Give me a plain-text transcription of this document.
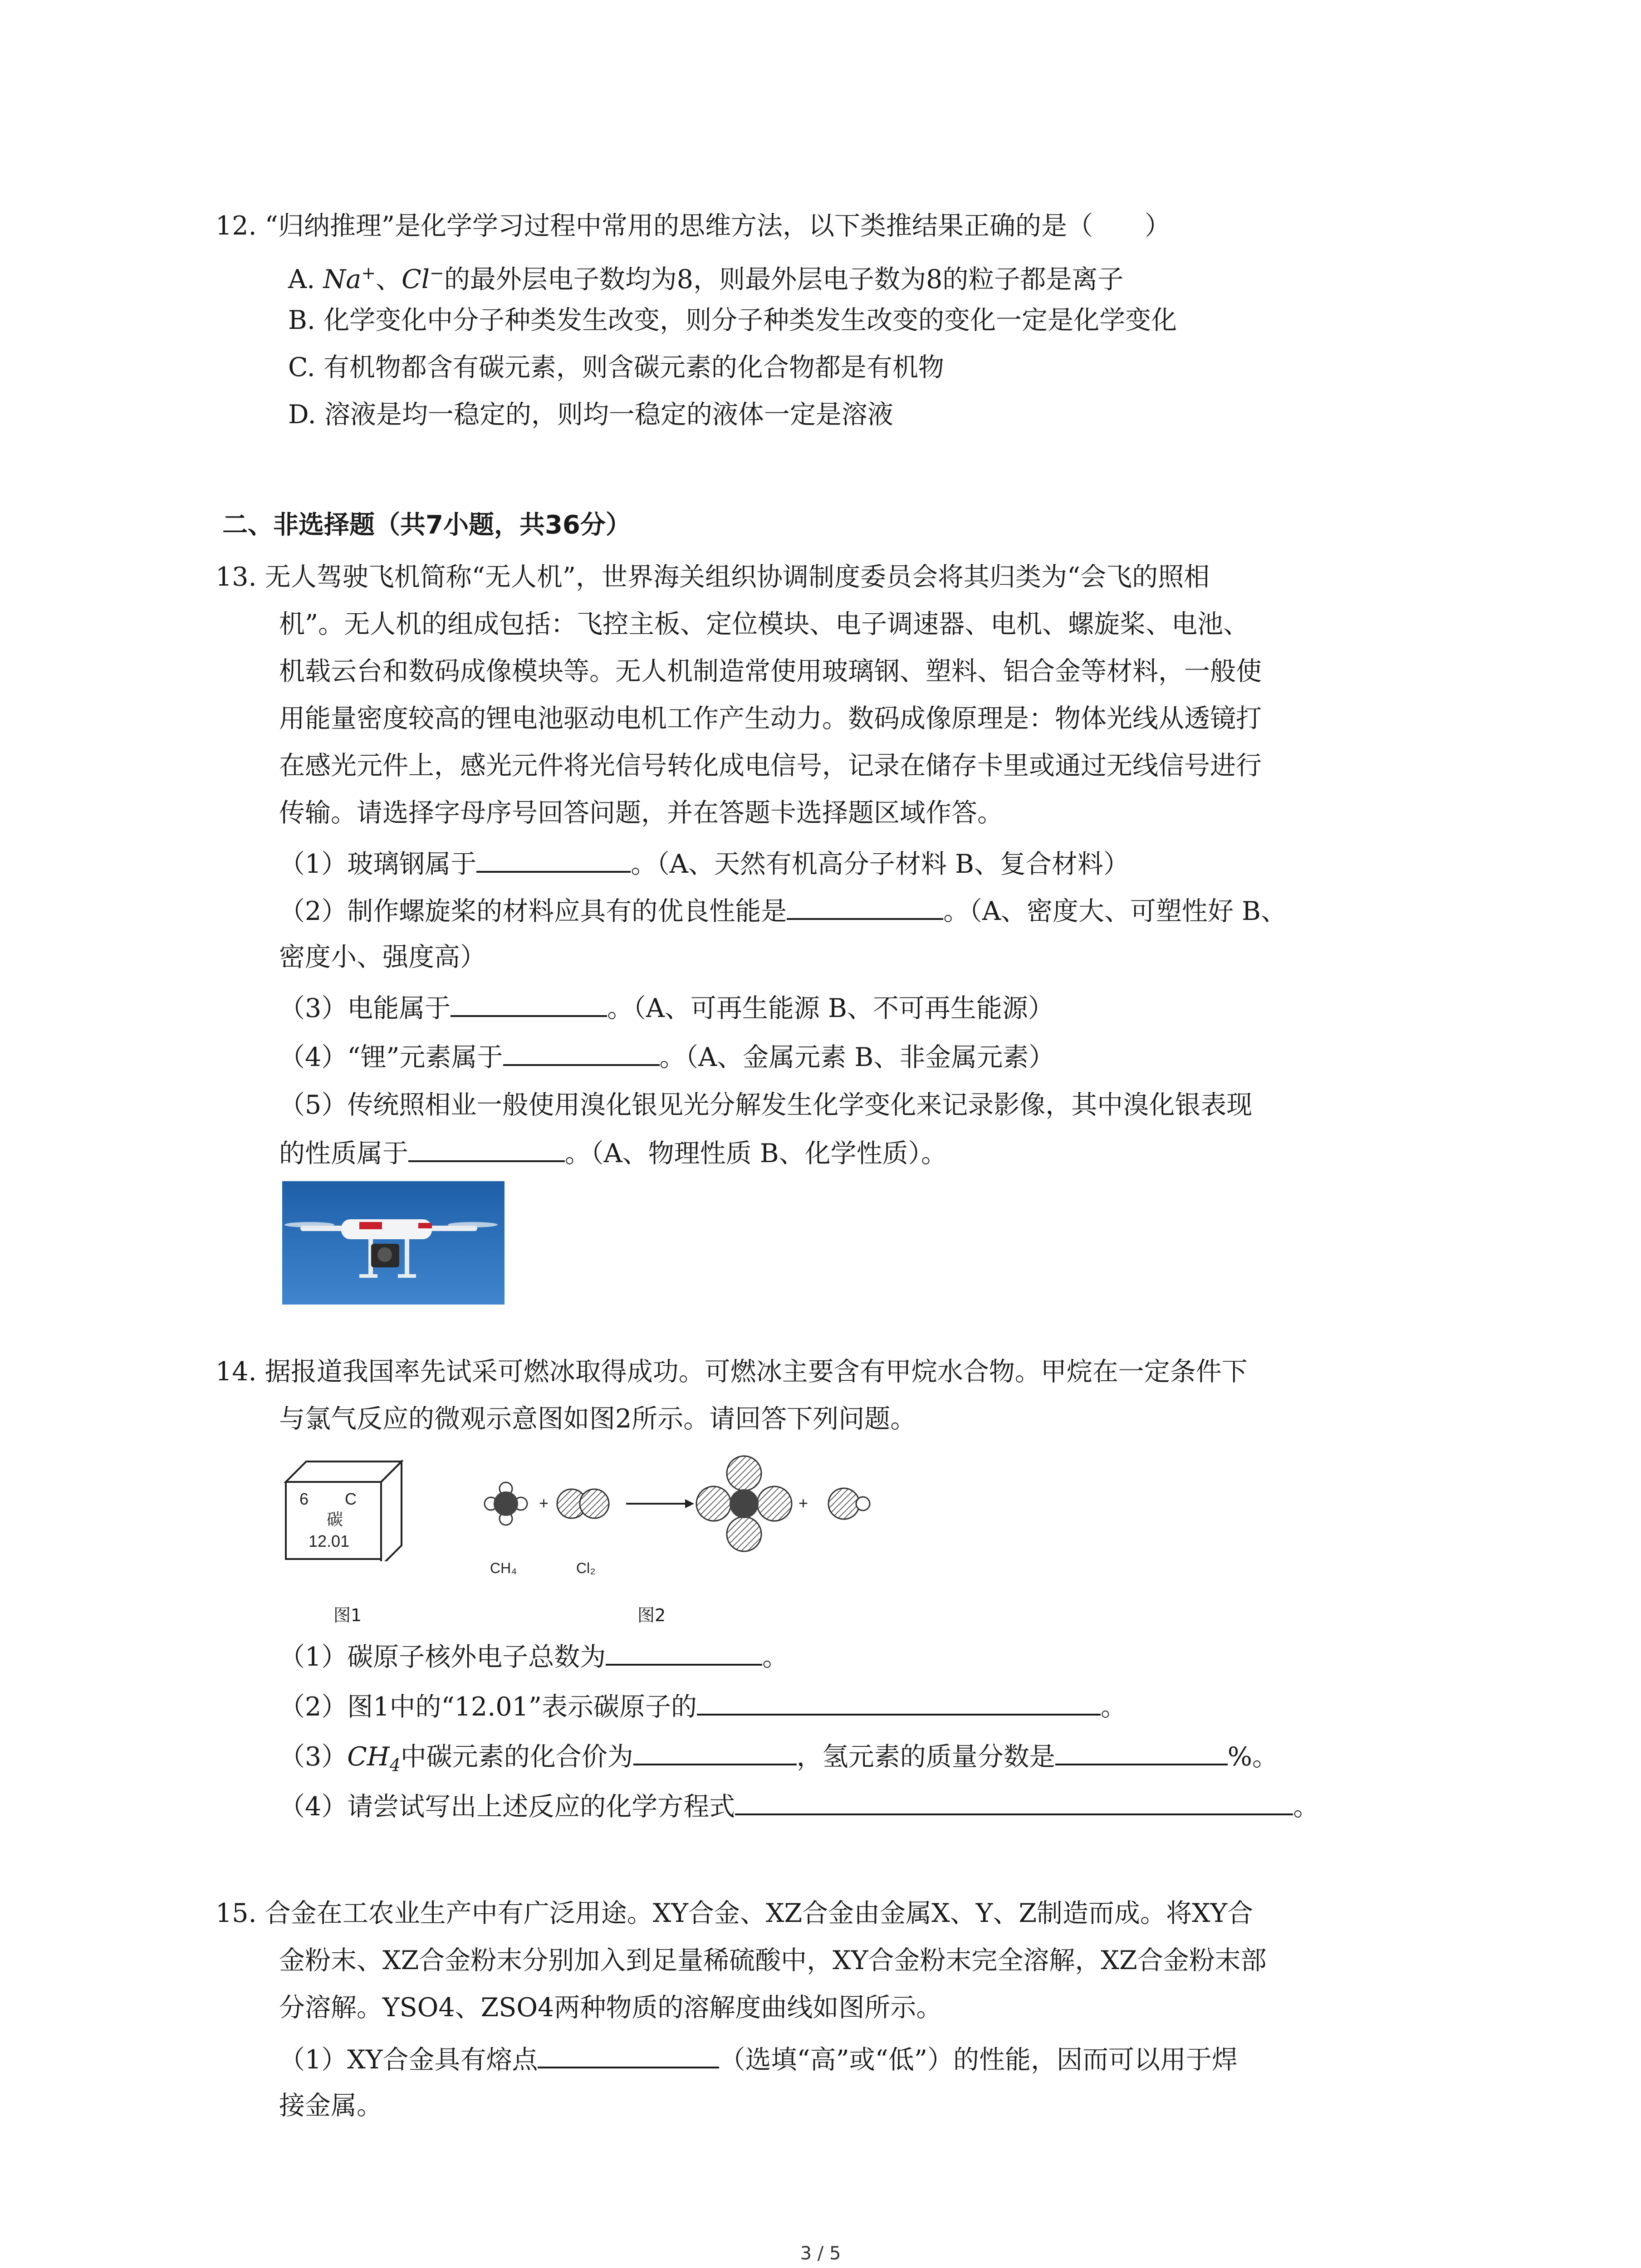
12. “归纳推理”是化学学习过程中常用的思维方法，以下类推结果正确的是（　　）
A. Na+、Cl−的最外层电子数均为8，则最外层电子数为8的粒子都是离子
B. 化学变化中分子种类发生改变，则分子种类发生改变的变化一定是化学变化
C. 有机物都含有碳元素，则含碳元素的化合物都是有机物
D. 溶液是均一稳定的，则均一稳定的液体一定是溶液
二、非选择题（共7小题，共36分）
13. 无人驾驶飞机简称“无人机”，世界海关组织协调制度委员会将其归类为“会飞的照相
机”。无人机的组成包括：飞控主板、定位模块、电子调速器、电机、螺旋桨、电池、
机载云台和数码成像模块等。无人机制造常使用玻璃钢、塑料、铝合金等材料，一般使
用能量密度较高的锂电池驱动电机工作产生动力。数码成像原理是：物体光线从透镜打
在感光元件上，感光元件将光信号转化成电信号，记录在储存卡里或通过无线信号进行
传输。请选择字母序号回答问题，并在答题卡选择题区域作答。
（1）玻璃钢属于	。（A、天然有机高分子材料 B、复合材料）
（2）制作螺旋桨的材料应具有的优良性能是	。（A、密度大、可塑性好 B、
密度小、强度高）
（3）电能属于	。（A、可再生能源 B、不可再生能源）
（4）“锂”元素属于	。（A、金属元素 B、非金属元素）
（5）传统照相业一般使用溴化银见光分解发生化学变化来记录影像，其中溴化银表现
的性质属于	。（A、物理性质 B、化学性质）。
14. 据报道我国率先试采可燃冰取得成功。可燃冰主要含有甲烷水合物。甲烷在一定条件下
与氯气反应的微观示意图如图2所示。请回答下列问题。
6 C
碳
12.01
+	+
CH₄	Cl₂
图1	图2
（1）碳原子核外电子总数为	。
（2）图1中的“12.01”表示碳原子的	。
$(3)CH_4$中碳元素的化合价为	，氢元素的质量分数是	%。
（4）请尝试写出上述反应的化学方程式	。
15. 合金在工农业生产中有广泛用途。XY合金、XZ合金由金属X、Y、Z制造而成。将XY合
金粉末、XZ合金粉末分别加入到足量稀硫酸中，XY合金粉末完全溶解，XZ合金粉末部
分溶解。YSO4、ZSO4两种物质的溶解度曲线如图所示。
（1）XY合金具有熔点	（选填“高”或“低”）的性能，因而可以用于焊
接金属。
3 / 5
